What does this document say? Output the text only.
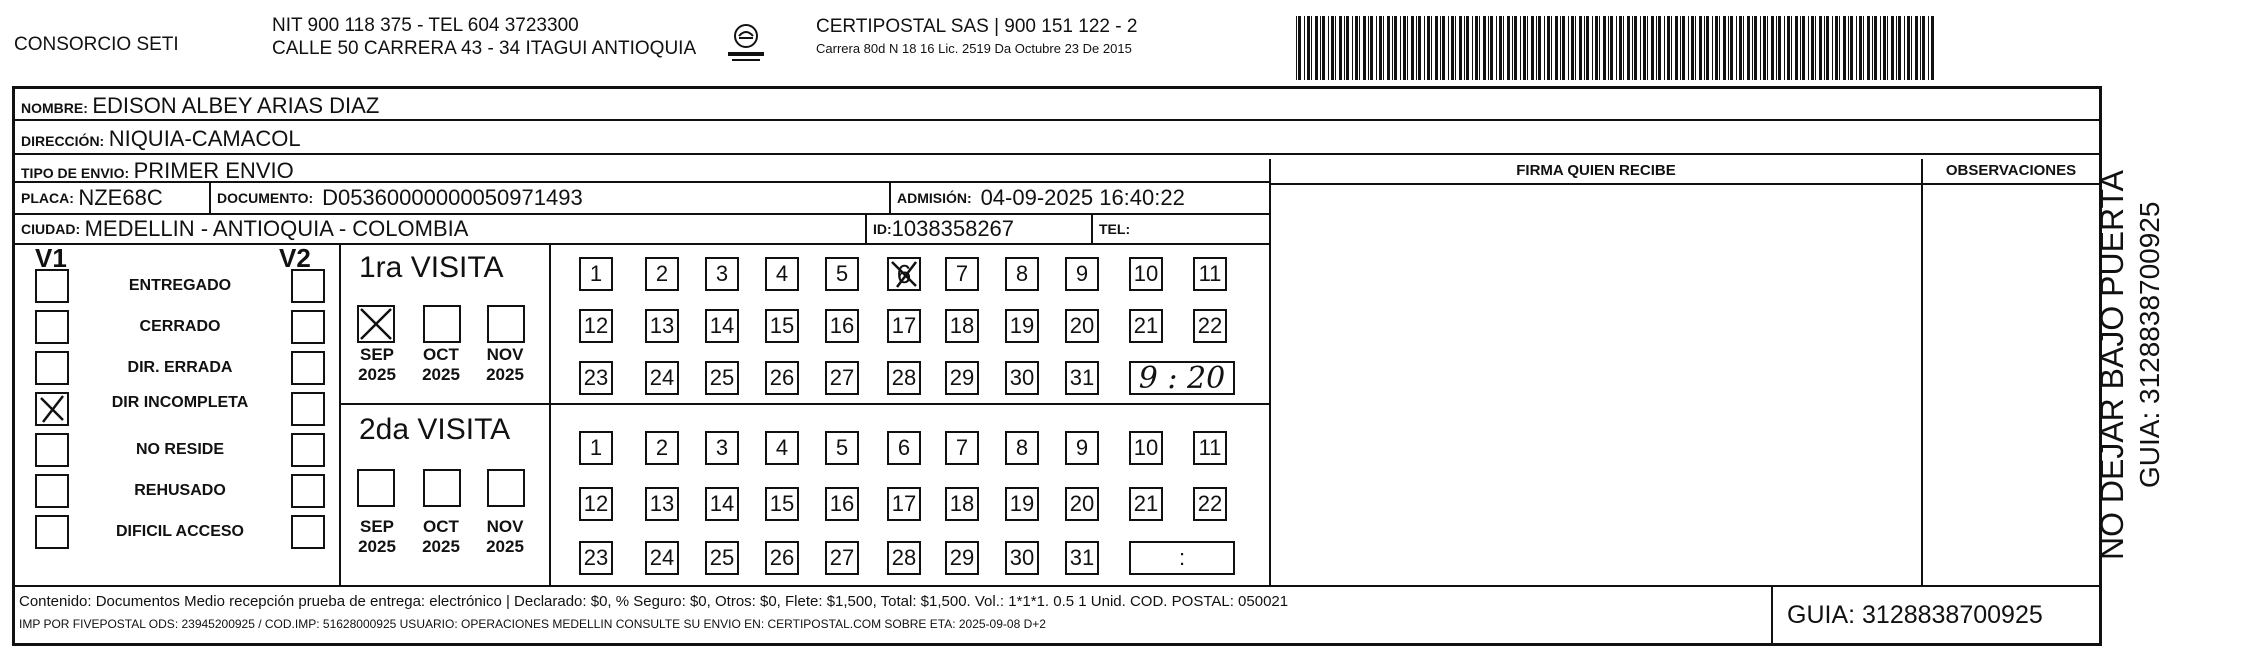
CONSORCIO SETI
NIT 900 118 375 - TEL 604 3723300
CALLE 50 CARRERA 43 - 34 ITAGUI ANTIOQUIA
CERTIPOSTAL SAS | 900 151 122 - 2
Carrera 80d N 18 16 Lic. 2519 Da Octubre 23 De 2015
NOMBRE: EDISON ALBEY ARIAS DIAZ
DIRECCIÓN: NIQUIA-CAMACOL
TIPO DE ENVIO: PRIMER ENVIO
PLACA:
NZE68C	DOCUMENTO:
D05360000000050971493	ADMISIÓN:
04-09-2025 16:40:22
CIUDAD:
MEDELLIN - ANTIOQUIA - COLOMBIA	ID: 1038358267	TEL:
FIRMA QUIEN RECIBE	OBSERVACIONES
V1	V2
ENTREGADO
CERRADO
DIR. ERRADA
DIR INCOMPLETA
NO RESIDE
REHUSADO
DIFICIL ACCESO
1ra VISITA
SEP
2025
OCT
2025
NOV
2025
1	2	3	4	5	6	7	8	9	10 11
12 13 14 15 16 17 18 19 20 21 22
23 24 25 26 27 28 29 30 31	9 : 20
2da VISITA
SEP
2025
OCT
2025
NOV
2025
1	2	3	4	5	6	7	8	9	10 11
12 13 14 15 16 17 18 19 20 21 22
23 24 25 26 27 28 29 30 31	:
Contenido: Documentos Medio recepción prueba de entrega: electrónico | Declarado: $0, % Seguro: $0, Otros: $0, Flete: $1,500, Total: $1,500. Vol.: 1*1*1. 0.5 1 Unid. COD. POSTAL: 050021
IMP POR FIVEPOSTAL ODS: 23945200925 / COD.IMP: 51628000925 USUARIO: OPERACIONES MEDELLIN CONSULTE SU ENVIO EN: CERTIPOSTAL.COM SOBRE ETA: 2025-09-08 D+2	GUIA: 3128838700925
NO DEJAR BAJO PUERTA GUIA: 3128838700925
